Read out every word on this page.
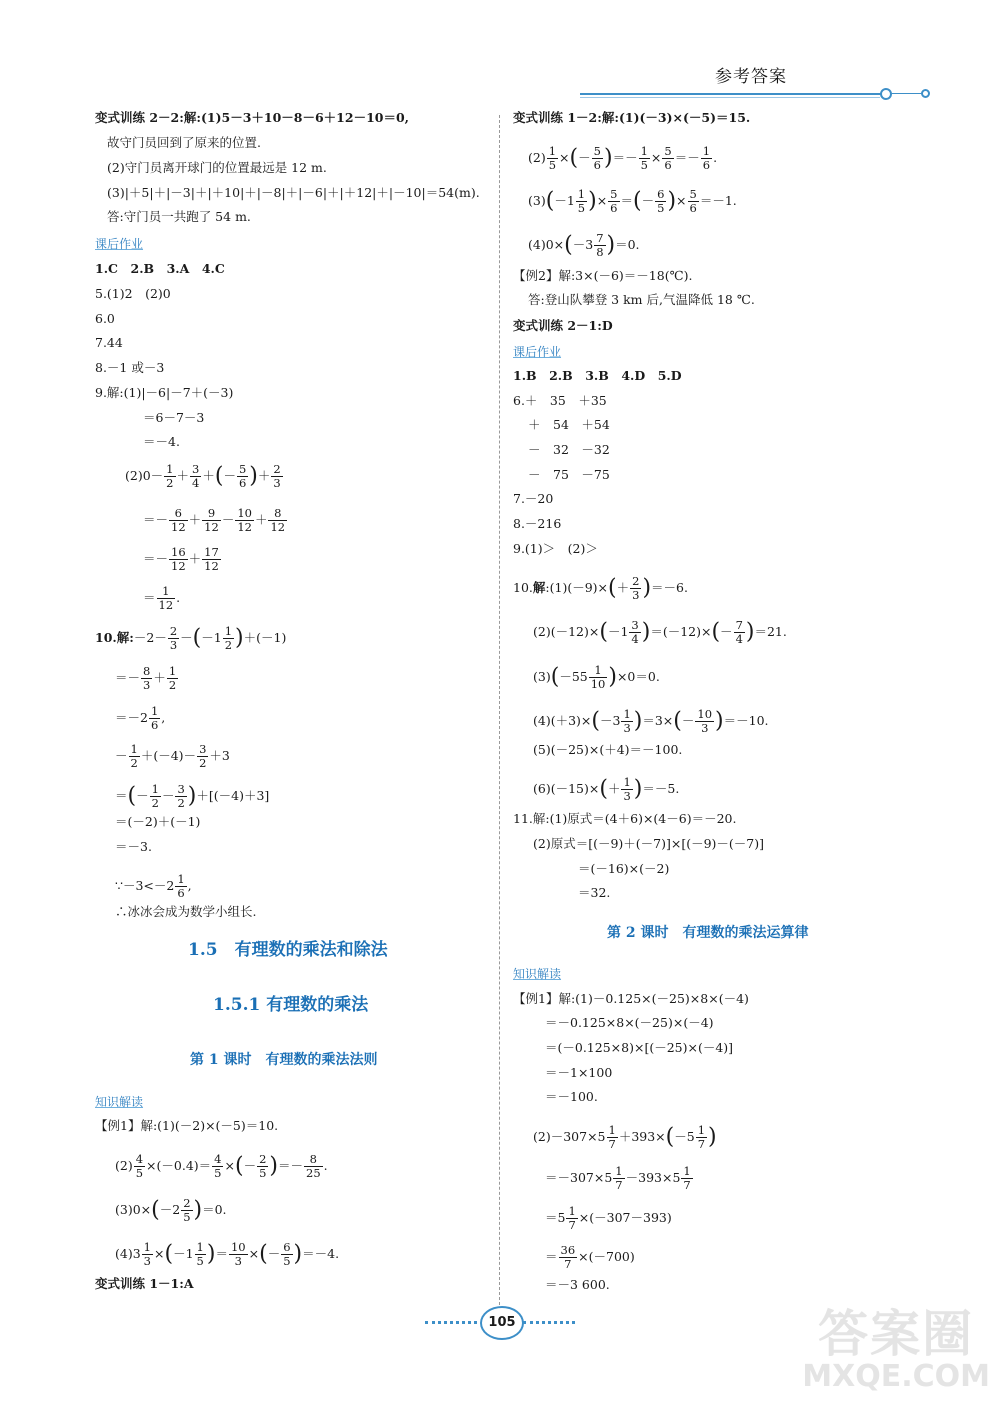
参考答案
变式训练 2－2:解:(1)5－3＋10－8－6＋12－10＝0,
故守门员回到了原来的位置.
(2)守门员离开球门的位置最远是 12 m.
(3)|＋5|＋|－3|＋|＋10|＋|－8|＋|－6|＋|＋12|＋|－10|＝54(m).
答:守门员一共跑了 54 m.
课后作业
1.C　2.B　3.A　4.C
5.(1)2　(2)0
6.0
7.44
8.－1 或－3
9.解:(1)|－6|－7＋(－3)
＝6－7－3
＝－4.
$(2)0- \frac{1}{2} + \frac{3}{4}$ ＋(－ $\frac{5}{6}$ )＋ $\frac{2}{3}$
＝－ $\frac{6}{12} + \frac{9}{12} - \frac{10}{12} + \frac{8}{12}$
＝－ $\frac{16}{12} + \frac{17}{12}$
＝ $\frac{1}{12}$ .
10.解:－2－ $\frac{2}{3} -(-1 \frac{1}{2} )+(-1)$
＝－ $\frac{8}{3} + \frac{1}{2}$
$=-2 \frac{1}{6}$ ,
－ $\frac{1}{2} +(-4)- \frac{3}{2} +3$
＝(－ $\frac{1}{2} - \frac{3}{2} )+[(-4)+3]$
＝(－2)＋(－1)
＝－3.
∵－3<－2 $\frac{1}{6}$ ,
∴冰冰会成为数学小组长.
1.5　有理数的乘法和除法
1.5.1 有理数的乘法
第 1 课时　有理数的乘法法则
知识解读
【例1】解:(1)(－2)×(－5)＝10.
$(2) \frac{4}{5} \times(-0.4)= \frac{4}{5}$ ×(－ $\frac{2}{5}$ )＝－ $\frac{8}{25}$ .
$(3)0\times(-2 \frac{2}{5} )=0$.
$(4)3 \frac{1}{3} \times(-1 \frac{1}{5}$ )＝ $\frac{10}{3}$ ×(－ $\frac{6}{5} )=-4$.
变式训练 1－1:A
变式训练 1－2:解:(1)(－3)×(－5)＝15.
$(2) \frac{1}{5}$ ×(－ $\frac{5}{6}$ )＝－ $\frac{1}{5} \times \frac{5}{6} =- \frac{1}{6}$ .
$(3)(-1 \frac{1}{5}$ )× $\frac{5}{6}$ ＝(－ $\frac{6}{5}$ )× $\frac{5}{6} =-1$.
$(4)0\times(-3 \frac{7}{8} )=0$.
【例2】解:3×(－6)＝－18(℃).
答:登山队攀登 3 km 后,气温降低 18 ℃.
变式训练 2－1:D
课后作业
1.B　2.B　3.B　4.D　5.D
6.＋　35　＋35
＋　54　＋54
－　32　－32
－　75　－75
7.－20
8.－216
9.(1)＞　(2)＞
10.解:(1)(－9)×(＋ $\frac{2}{3} )=-6$.
$(2)(-12)\times(-1 \frac{3}{4} )=(-12)\times(- \frac{7}{4} )=21$.
$(3)(-55 \frac{1}{10} )\times 0=0$.
$(4)(+3)\times(-3 \frac{1}{3} )=3\times(- \frac{10}{3} )=-10$.
(5)(－25)×(＋4)＝－100.
$(6)(-15)\times(+ \frac{1}{3} )=-5$.
11.解:(1)原式＝(4＋6)×(4－6)＝－20.
(2)原式＝[(－9)＋(－7)]×[(－9)－(－7)]
＝(－16)×(－2)
＝32.
第 2 课时　有理数的乘法运算律
知识解读
【例1】解:(1)－0.125×(－25)×8×(－4)
＝－0.125×8×(－25)×(－4)
＝(－0.125×8)×[(－25)×(－4)]
＝－1×100
＝－100.
$(2)-307\times 5 \frac{1}{7} +393\times(-5 \frac{1}{7}$ )
$=-307\times 5 \frac{1}{7} -393\times 5 \frac{1}{7}$
$=5 \frac{1}{7} \times(-307-393)$
＝ $\frac{36}{7} \times(-700)$
＝－3 600.
105	答案圈
MXQE.COM
